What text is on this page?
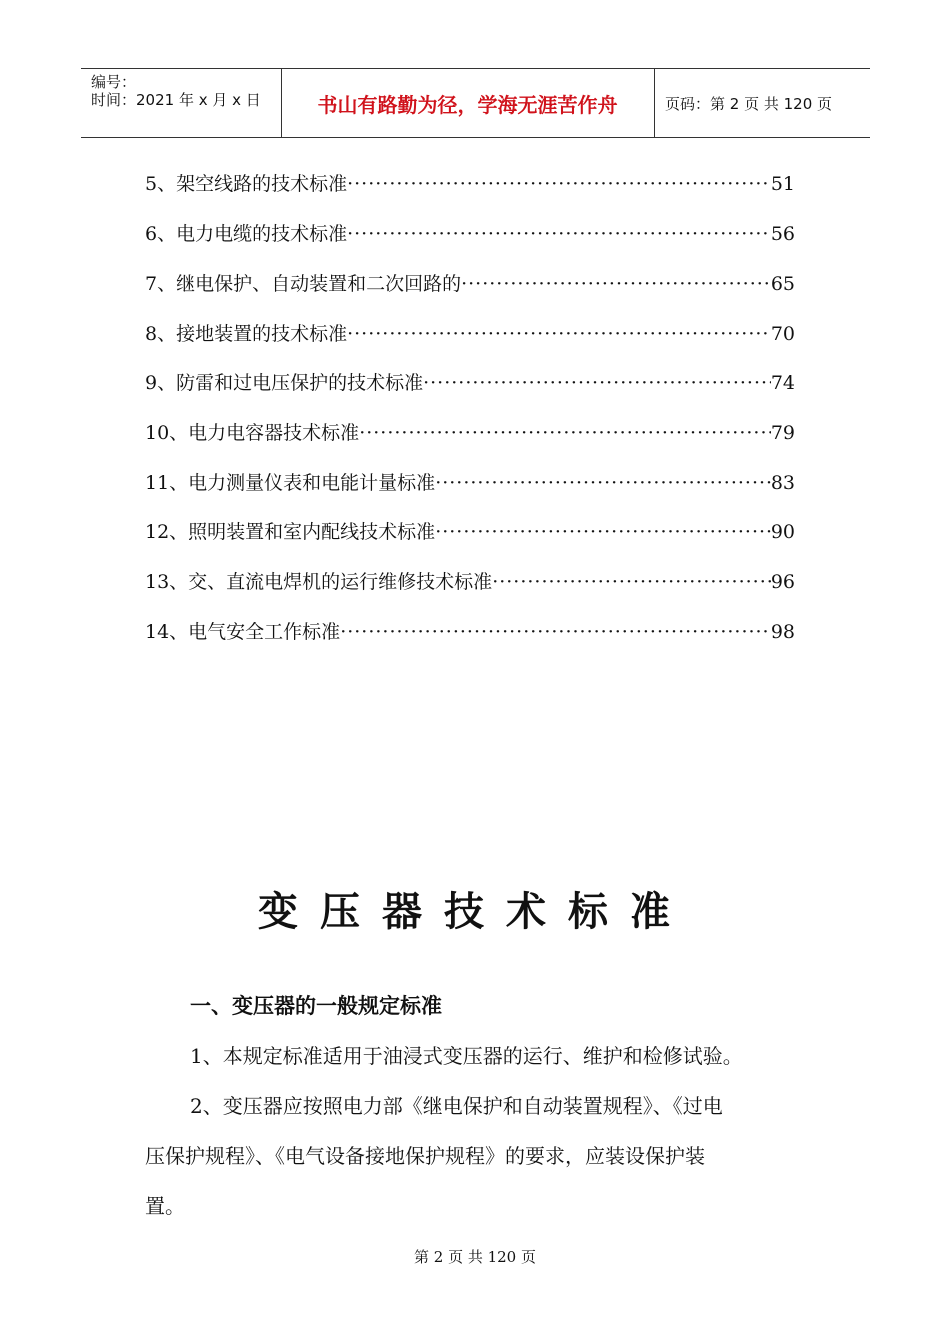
编号：
时间：2021 年 x 月 x 日	书山有路勤为径，学海无涯苦作舟	页码：第 2 页 共 120 页
5、架空线路的技术标准 ·····	51
6、电力电缆的技术标准 ·····	56
7、继电保护、自动装置和二次回路的 ·····	65
8、接地装置的技术标准 ·····	70
9、防雷和过电压保护的技术标准 ·····	74
10、电力电容器技术标准 ·····	79
11、电力测量仪表和电能计量标准 ·····	83
12、照明装置和室内配线技术标准 ·····	90
13、交、直流电焊机的运行维修技术标准 ·····	96
14、电气安全工作标准 ·····	98
变压器技术标准
一、变压器的一般规定标准
1、本规定标准适用于油浸式变压器的运行、维护和检修试验。
2、变压器应按照电力部《继电保护和自动装置规程》、《过电
压保护规程》、《电气设备接地保护规程》的要求，应装设保护装
置。
第 2 页 共 120 页
